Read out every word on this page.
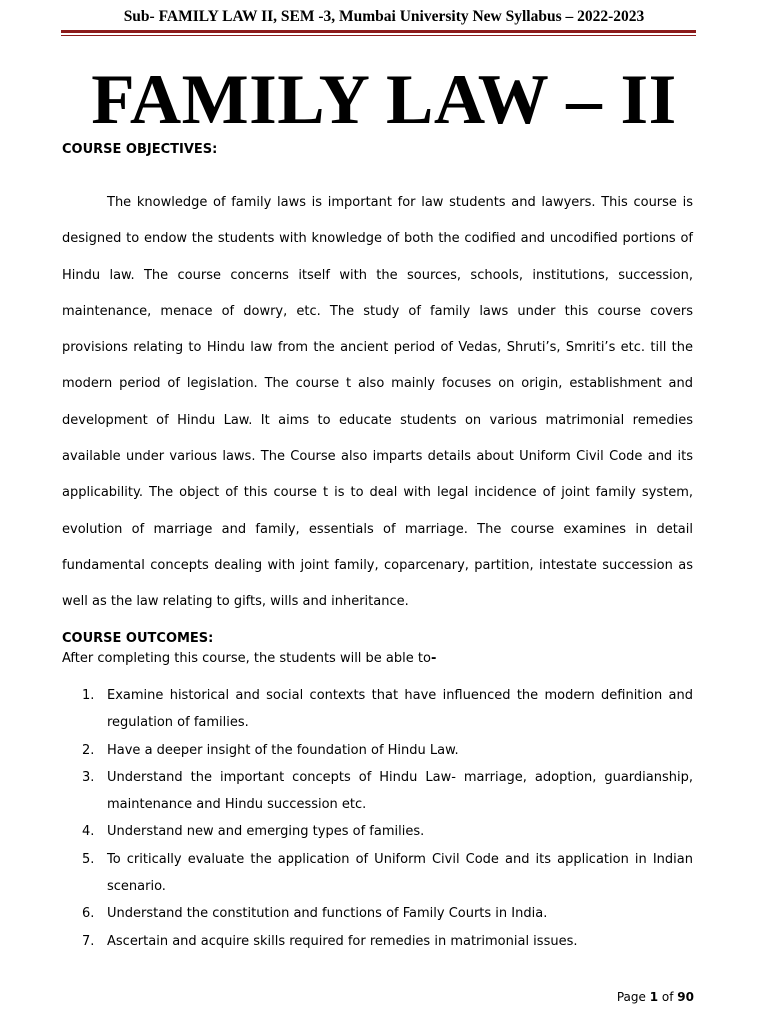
Sub- FAMILY LAW II, SEM -3, Mumbai University New Syllabus – 2022-2023
FAMILY LAW – II
COURSE OBJECTIVES:

The knowledge of family laws is important for law students and lawyers. This course is designed to endow the students with knowledge of both the codified and uncodified portions of Hindu law. The course concerns itself with the sources, schools, institutions, succession, maintenance, menace of dowry, etc. The study of family laws under this course covers provisions relating to Hindu law from the ancient period of Vedas, Shruti’s, Smriti’s etc. till the modern period of legislation. The course t also mainly focuses on origin, establishment and development of Hindu Law. It aims to educate students on various matrimonial remedies available under various laws. The Course also imparts details about Uniform Civil Code and its applicability. The object of this course t is to deal with legal incidence of joint family system, evolution of marriage and family, essentials of marriage. The course examines in detail fundamental concepts dealing with joint family, coparcenary, partition, intestate succession as well as the law relating to gifts, wills and inheritance.

COURSE OUTCOMES:
After completing this course, the students will be able to-
1. Examine historical and social contexts that have influenced the modern definition and regulation of families.
2. Have a deeper insight of the foundation of Hindu Law.
3. Understand the important concepts of Hindu Law- marriage, adoption, guardianship, maintenance and Hindu succession etc.
4. Understand new and emerging types of families.
5. To critically evaluate the application of Uniform Civil Code and its application in Indian scenario.
6. Understand the constitution and functions of Family Courts in India.
7. Ascertain and acquire skills required for remedies in matrimonial issues.
Page 1 of 90
